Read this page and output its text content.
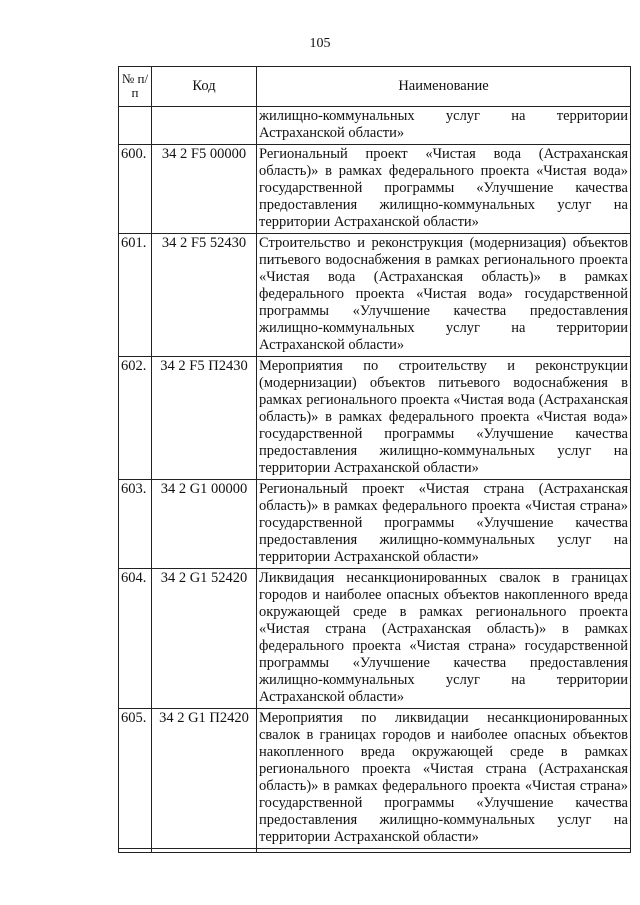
105
№ п/п	Код	Наименование
		жилищно-коммунальных услуг на территории Астраханской области»
600.	34 2 F5 00000	Региональный проект «Чистая вода (Астраханская область)» в рамках федерального проекта «Чистая вода» государственной программы «Улучшение качества предоставления жилищно-коммунальных услуг на территории Астраханской области»
601.	34 2 F5 52430	Строительство и реконструкция (модернизация) объектов питьевого водоснабжения в рамках регионального проекта «Чистая вода (Астраханская область)» в рамках федерального проекта «Чистая вода» государственной программы «Улучшение качества предоставления жилищно-коммунальных услуг на территории Астраханской области»
602.	34 2 F5 П2430	Мероприятия по строительству и реконструкции (модернизации) объектов питьевого водоснабжения в рамках регионального проекта «Чистая вода (Астраханская область)» в рамках федерального проекта «Чистая вода» государственной программы «Улучшение качества предоставления жилищно-коммунальных услуг на территории Астраханской области»
603.	34 2 G1 00000	Региональный проект «Чистая страна (Астраханская область)» в рамках федерального проекта «Чистая страна» государственной программы «Улучшение качества предоставления жилищно-коммунальных услуг на территории Астраханской области»
604.	34 2 G1 52420	Ликвидация несанкционированных свалок в границах городов и наиболее опасных объектов накопленного вреда окружающей среде в рамках регионального проекта «Чистая страна (Астраханская область)» в рамках федерального проекта «Чистая страна» государственной программы «Улучшение качества предоставления жилищно-коммунальных услуг на территории Астраханской области»
605.	34 2 G1 П2420	Мероприятия по ликвидации несанкционированных свалок в границах городов и наиболее опасных объектов накопленного вреда окружающей среде в рамках регионального проекта «Чистая страна (Астраханская область)» в рамках федерального проекта «Чистая страна» государственной программы «Улучшение качества предоставления жилищно-коммунальных услуг на территории Астраханской области»
